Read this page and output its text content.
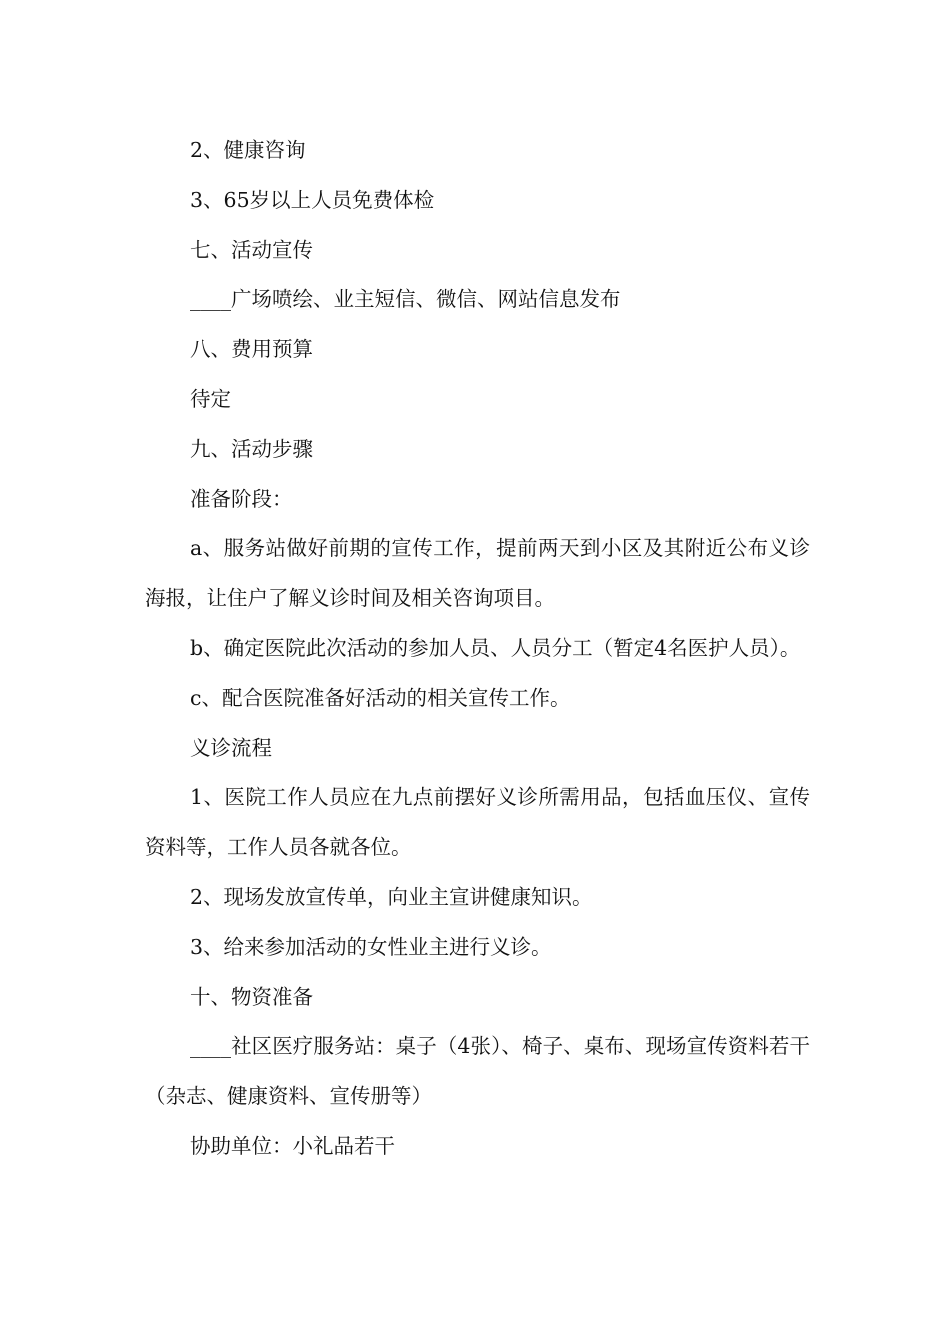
2、健康咨询

3、65岁以上人员免费体检

七、活动宣传

____广场喷绘、业主短信、微信、网站信息发布

八、费用预算

待定

九、活动步骤

准备阶段：

a、服务站做好前期的宣传工作，提前两天到小区及其附近公布义诊海报，让住户了解义诊时间及相关咨询项目。

b、确定医院此次活动的参加人员、人员分工（暂定4名医护人员）。

c、配合医院准备好活动的相关宣传工作。

义诊流程

1、医院工作人员应在九点前摆好义诊所需用品，包括血压仪、宣传资料等，工作人员各就各位。

2、现场发放宣传单，向业主宣讲健康知识。

3、给来参加活动的女性业主进行义诊。

十、物资准备

____社区医疗服务站：桌子（4张）、椅子、桌布、现场宣传资料若干（杂志、健康资料、宣传册等）

协助单位：小礼品若干
